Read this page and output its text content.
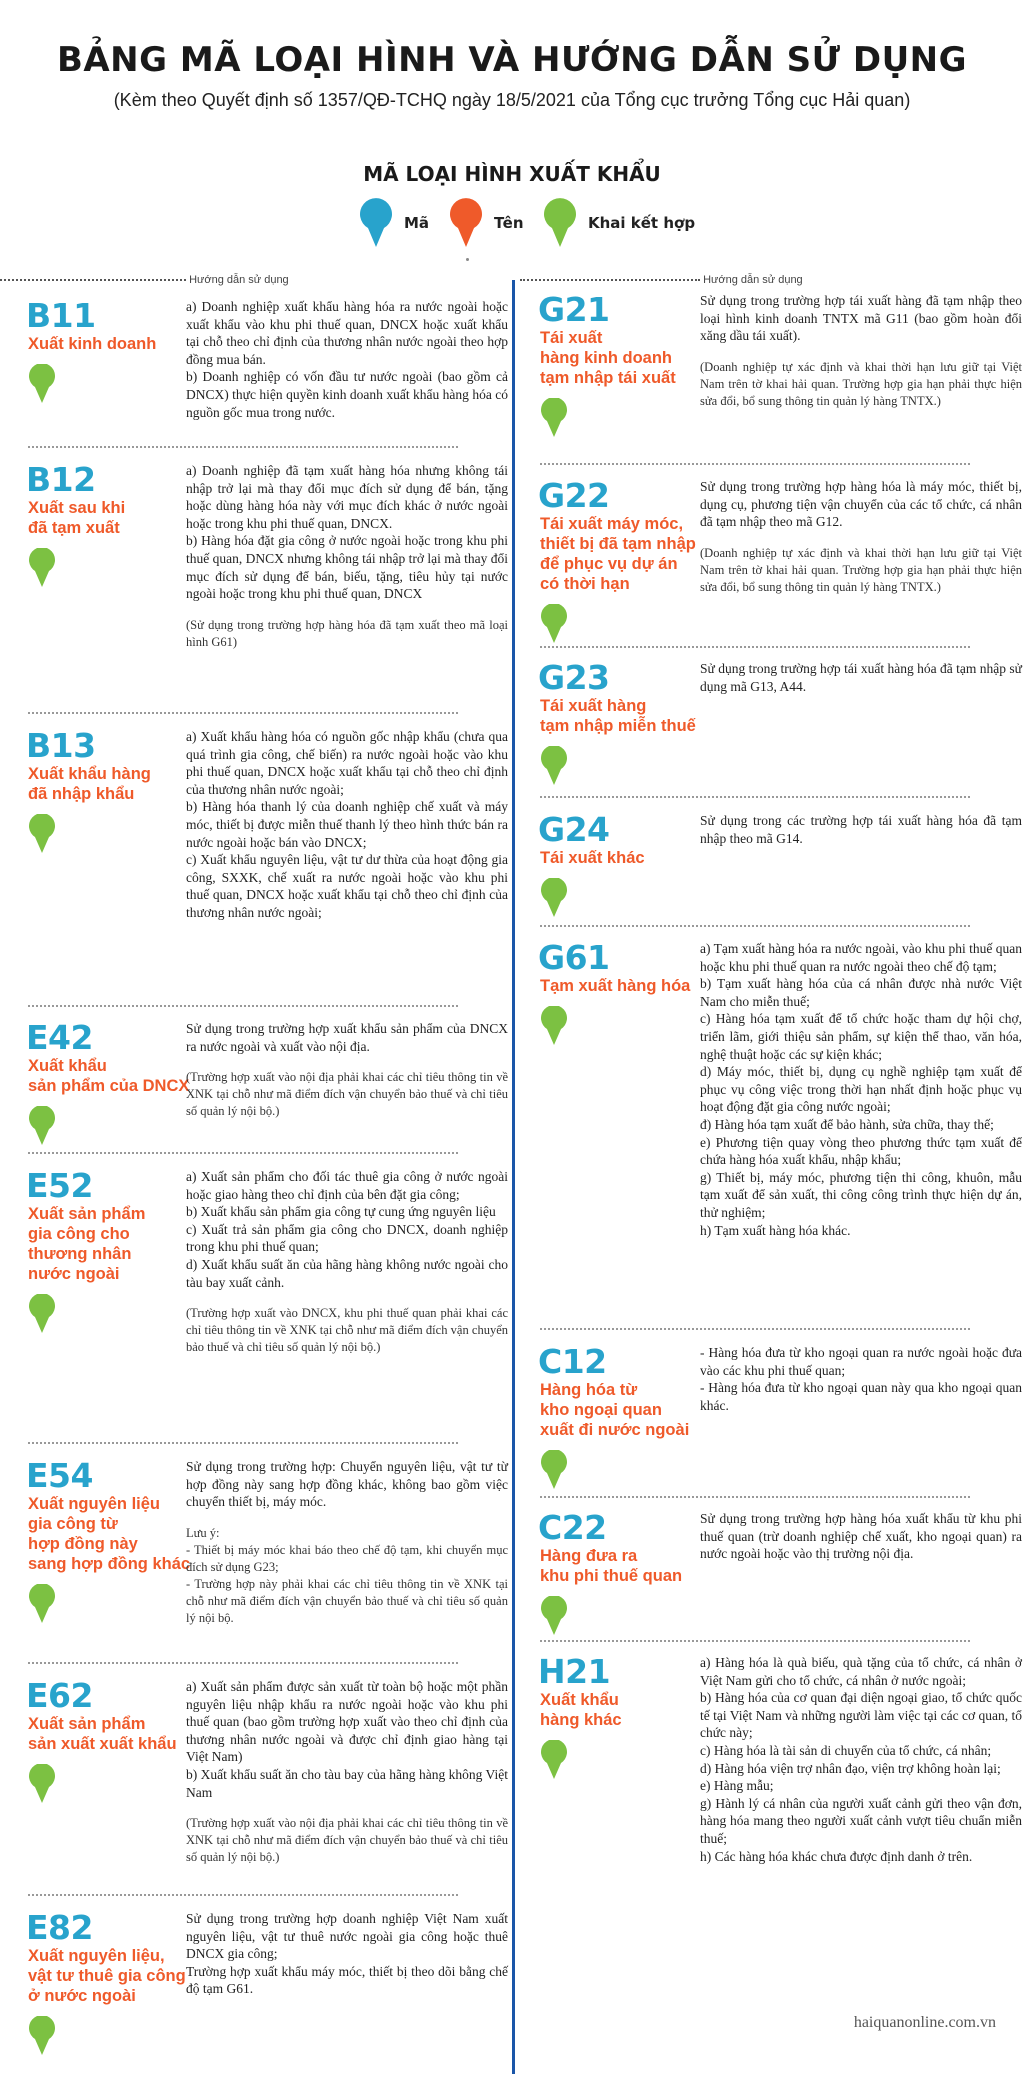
BẢNG MÃ LOẠI HÌNH VÀ HƯỚNG DẪN SỬ DỤNG
(Kèm theo Quyết định số 1357/QĐ-TCHQ ngày 18/5/2021 của Tổng cục trưởng Tổng cục Hải quan)
MÃ LOẠI HÌNH XUẤT KHẨU
Mã	Tên	Khai kết hợp
Hướng dẫn sử dụng	Hướng dẫn sử dụng
B11
Xuất kinh doanh

a) Doanh nghiệp xuất khẩu hàng hóa ra nước ngoài hoặc xuất khẩu vào khu phi thuế quan, DNCX hoặc xuất khẩu tại chỗ theo chỉ định của thương nhân nước ngoài theo hợp đồng mua bán.

b) Doanh nghiệp có vốn đầu tư nước ngoài (bao gồm cả DNCX) thực hiện quyền kinh doanh xuất khẩu hàng hóa có nguồn gốc mua trong nước.

B12
Xuất sau khi
đã tạm xuất

a) Doanh nghiệp đã tạm xuất hàng hóa nhưng không tái nhập trở lại mà thay đổi mục đích sử dụng để bán, tặng hoặc dùng hàng hóa này với mục đích khác ở nước ngoài hoặc trong khu phi thuế quan, DNCX.

b) Hàng hóa đặt gia công ở nước ngoài hoặc trong khu phi thuế quan, DNCX nhưng không tái nhập trở lại mà thay đổi mục đích sử dụng để bán, biếu, tặng, tiêu hủy tại nước ngoài hoặc trong khu phi thuế quan, DNCX

(Sử dụng trong trường hợp hàng hóa đã tạm xuất theo mã loại hình G61)

B13
Xuất khẩu hàng
đã nhập khẩu

a) Xuất khẩu hàng hóa có nguồn gốc nhập khẩu (chưa qua quá trình gia công, chế biến) ra nước ngoài hoặc vào khu phi thuế quan, DNCX hoặc xuất khẩu tại chỗ theo chỉ định của thương nhân nước ngoài;

b) Hàng hóa thanh lý của doanh nghiệp chế xuất và máy móc, thiết bị được miễn thuế thanh lý theo hình thức bán ra nước ngoài hoặc bán vào DNCX;

c) Xuất khẩu nguyên liệu, vật tư dư thừa của hoạt động gia công, SXXK, chế xuất ra nước ngoài hoặc vào khu phi thuế quan, DNCX hoặc xuất khẩu tại chỗ theo chỉ định của thương nhân nước ngoài;

E42
Xuất khẩu
sản phẩm của DNCX

Sử dụng trong trường hợp xuất khẩu sản phẩm của DNCX ra nước ngoài và xuất vào nội địa.

(Trường hợp xuất vào nội địa phải khai các chỉ tiêu thông tin về XNK tại chỗ như mã điểm đích vận chuyển bảo thuế và chỉ tiêu số quản lý nội bộ.)

E52
Xuất sản phẩm
gia công cho
thương nhân
nước ngoài

a) Xuất sản phẩm cho đối tác thuê gia công ở nước ngoài hoặc giao hàng theo chỉ định của bên đặt gia công;

b) Xuất khẩu sản phẩm gia công tự cung ứng nguyên liệu

c) Xuất trả sản phẩm gia công cho DNCX, doanh nghiệp trong khu phi thuế quan;

d) Xuất khẩu suất ăn của hãng hàng không nước ngoài cho tàu bay xuất cảnh.

(Trường hợp xuất vào DNCX, khu phi thuế quan phải khai các chỉ tiêu thông tin về XNK tại chỗ như mã điểm đích vận chuyển bảo thuế và chỉ tiêu số quản lý nội bộ.)

E54
Xuất nguyên liệu
gia công từ
hợp đồng này
sang hợp đồng khác

Sử dụng trong trường hợp: Chuyển nguyên liệu, vật tư từ hợp đồng này sang hợp đồng khác, không bao gồm việc chuyển thiết bị, máy móc.

Lưu ý:

- Thiết bị máy móc khai báo theo chế độ tạm, khi chuyển mục đích sử dụng G23;

- Trường hợp này phải khai các chỉ tiêu thông tin về XNK tại chỗ như mã điểm đích vận chuyển bảo thuế và chỉ tiêu số quản lý nội bộ.

E62
Xuất sản phẩm
sản xuất xuất khẩu

a) Xuất sản phẩm được sản xuất từ toàn bộ hoặc một phần nguyên liệu nhập khẩu ra nước ngoài hoặc vào khu phi thuế quan (bao gồm trường hợp xuất vào theo chỉ định của thương nhân nước ngoài và được chỉ định giao hàng tại Việt Nam)

b) Xuất khẩu suất ăn cho tàu bay của hãng hàng không Việt Nam

(Trường hợp xuất vào nội địa phải khai các chỉ tiêu thông tin về XNK tại chỗ như mã điểm đích vận chuyển bảo thuế và chỉ tiêu số quản lý nội bộ.)

E82
Xuất nguyên liệu,
vật tư thuê gia công
ở nước ngoài

Sử dụng trong trường hợp doanh nghiệp Việt Nam xuất nguyên liệu, vật tư thuê nước ngoài gia công hoặc thuê DNCX gia công;

Trường hợp xuất khẩu máy móc, thiết bị theo dõi bằng chế độ tạm G61.

G21
Tái xuất
hàng kinh doanh
tạm nhập tái xuất

Sử dụng trong trường hợp tái xuất hàng đã tạm nhập theo loại hình kinh doanh TNTX mã G11 (bao gồm hoàn đổi xăng dầu tái xuất).

(Doanh nghiệp tự xác định và khai thời hạn lưu giữ tại Việt Nam trên tờ khai hải quan. Trường hợp gia hạn phải thực hiện sửa đổi, bổ sung thông tin quản lý hàng TNTX.)

G22
Tái xuất máy móc,
thiết bị đã tạm nhập
để phục vụ dự án
có thời hạn

Sử dụng trong trường hợp hàng hóa là máy móc, thiết bị, dụng cụ, phương tiện vận chuyển của các tổ chức, cá nhân đã tạm nhập theo mã G12.

(Doanh nghiệp tự xác định và khai thời hạn lưu giữ tại Việt Nam trên tờ khai hải quan. Trường hợp gia hạn phải thực hiện sửa đổi, bổ sung thông tin quản lý hàng TNTX.)

G23
Tái xuất hàng
tạm nhập miễn thuế

Sử dụng trong trường hợp tái xuất hàng hóa đã tạm nhập sử dụng mã G13, A44.

G24
Tái xuất khác

Sử dụng trong các trường hợp tái xuất hàng hóa đã tạm nhập theo mã G14.

G61
Tạm xuất hàng hóa

a) Tạm xuất hàng hóa ra nước ngoài, vào khu phi thuế quan hoặc khu phi thuế quan ra nước ngoài theo chế độ tạm;

b) Tạm xuất hàng hóa của cá nhân được nhà nước Việt Nam cho miễn thuế;

c) Hàng hóa tạm xuất để tổ chức hoặc tham dự hội chợ, triển lãm, giới thiệu sản phẩm, sự kiện thể thao, văn hóa, nghệ thuật hoặc các sự kiện khác;

d) Máy móc, thiết bị, dụng cụ nghề nghiệp tạm xuất để phục vụ công việc trong thời hạn nhất định hoặc phục vụ hoạt động đặt gia công nước ngoài;

đ) Hàng hóa tạm xuất để bảo hành, sửa chữa, thay thế;

e) Phương tiện quay vòng theo phương thức tạm xuất để chứa hàng hóa xuất khẩu, nhập khẩu;

g) Thiết bị, máy móc, phương tiện thi công, khuôn, mẫu tạm xuất để sản xuất, thi công công trình thực hiện dự án, thử nghiệm;

h) Tạm xuất hàng hóa khác.

C12
Hàng hóa từ
kho ngoại quan
xuất đi nước ngoài

- Hàng hóa đưa từ kho ngoại quan ra nước ngoài hoặc đưa vào các khu phi thuế quan;

- Hàng hóa đưa từ kho ngoại quan này qua kho ngoại quan khác.

C22
Hàng đưa ra
khu phi thuế quan

Sử dụng trong trường hợp hàng hóa xuất khẩu từ khu phi thuế quan (trừ doanh nghiệp chế xuất, kho ngoại quan) ra nước ngoài hoặc vào thị trường nội địa.

H21
Xuất khẩu
hàng khác

a) Hàng hóa là quà biếu, quà tặng của tổ chức, cá nhân ở Việt Nam gửi cho tổ chức, cá nhân ở nước ngoài;

b) Hàng hóa của cơ quan đại diện ngoại giao, tổ chức quốc tế tại Việt Nam và những người làm việc tại các cơ quan, tổ chức này;

c) Hàng hóa là tài sản di chuyển của tổ chức, cá nhân;

d) Hàng hóa viện trợ nhân đạo, viện trợ không hoàn lại;

e) Hàng mẫu;

g) Hành lý cá nhân của người xuất cảnh gửi theo vận đơn, hàng hóa mang theo người xuất cảnh vượt tiêu chuẩn miễn thuế;

h) Các hàng hóa khác chưa được định danh ở trên.

haiquanonline.com.vn
